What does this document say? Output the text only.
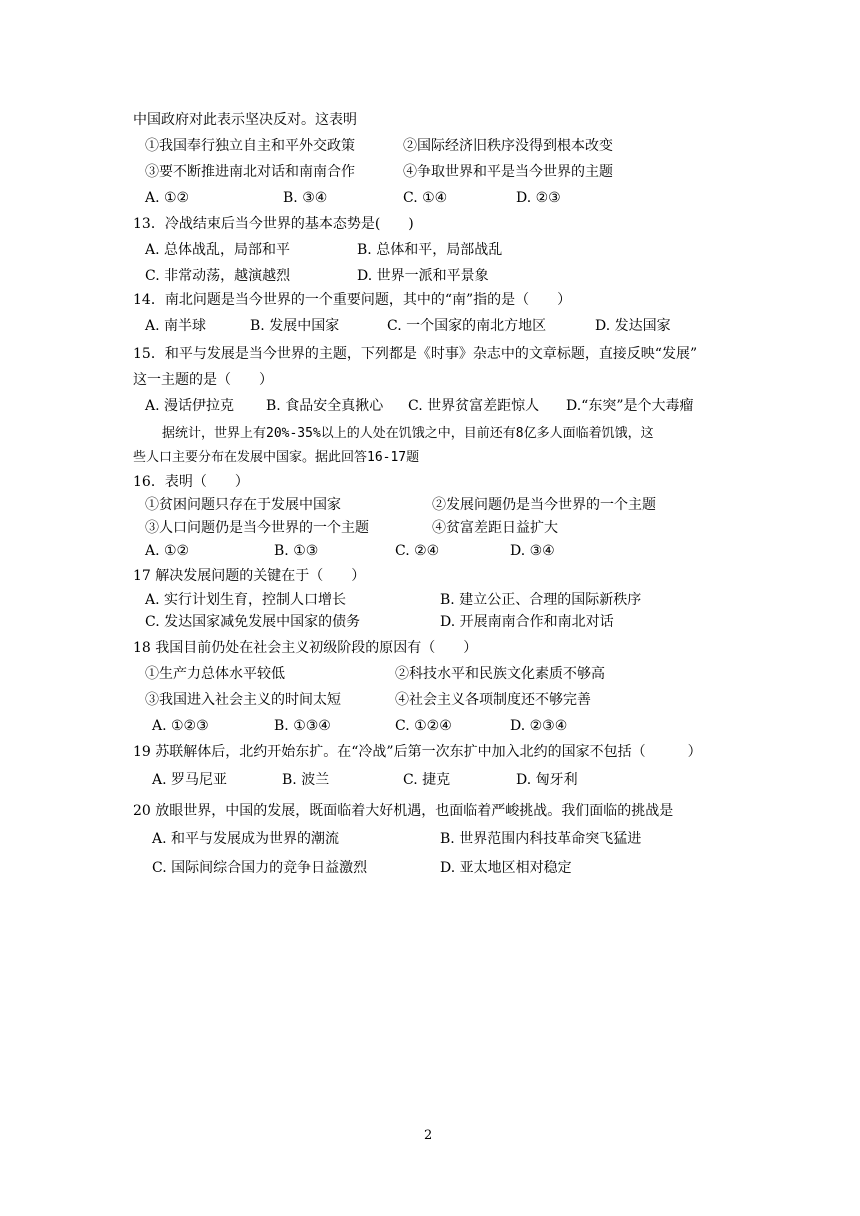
中国政府对此表示坚决反对。这表明
①我国奉行独立自主和平外交政策	②国际经济旧秩序没得到根本改变
③要不断推进南北对话和南南合作	④争取世界和平是当今世界的主题
A. ①②	B. ③④	C. ①④	D. ②③
13．冷战结束后当今世界的基本态势是(　　)
A. 总体战乱，局部和平	B. 总体和平，局部战乱
C. 非常动荡，越演越烈	D. 世界一派和平景象
14．南北问题是当今世界的一个重要问题，其中的“南”指的是（　　）
A. 南半球	B. 发展中国家	C. 一个国家的南北方地区	D. 发达国家
15．和平与发展是当今世界的主题，下列都是《时事》杂志中的文章标题，直接反映“发展”
这一主题的是（　　）
A. 漫话伊拉克 B. 食品安全真揪心 C. 世界贫富差距惊人 D.“东突”是个大毒瘤
据统计，世界上有20%-35%以上的人处在饥饿之中，目前还有8亿多人面临着饥饿，这
些人口主要分布在发展中国家。据此回答16-17题
16．表明（　　）
①贫困问题只存在于发展中国家	②发展问题仍是当今世界的一个主题
③人口问题仍是当今世界的一个主题	④贫富差距日益扩大
A. ①②	B. ①③	C. ②④	D. ③④
17 解决发展问题的关键在于（　　）
A. 实行计划生育，控制人口增长	B. 建立公正、合理的国际新秩序
C. 发达国家减免发展中国家的债务	D. 开展南南合作和南北对话
18 我国目前仍处在社会主义初级阶段的原因有（　　）
①生产力总体水平较低	②科技水平和民族文化素质不够高
③我国进入社会主义的时间太短	④社会主义各项制度还不够完善
A. ①②③	B. ①③④	C. ①②④	D. ②③④
19 苏联解体后，北约开始东扩。在“冷战”后第一次东扩中加入北约的国家不包括（　　　）
A. 罗马尼亚	B. 波兰	C. 捷克	D. 匈牙利
20 放眼世界，中国的发展，既面临着大好机遇，也面临着严峻挑战。我们面临的挑战是
A. 和平与发展成为世界的潮流	B. 世界范围内科技革命突飞猛进
C. 国际间综合国力的竞争日益激烈	D. 亚太地区相对稳定
2
